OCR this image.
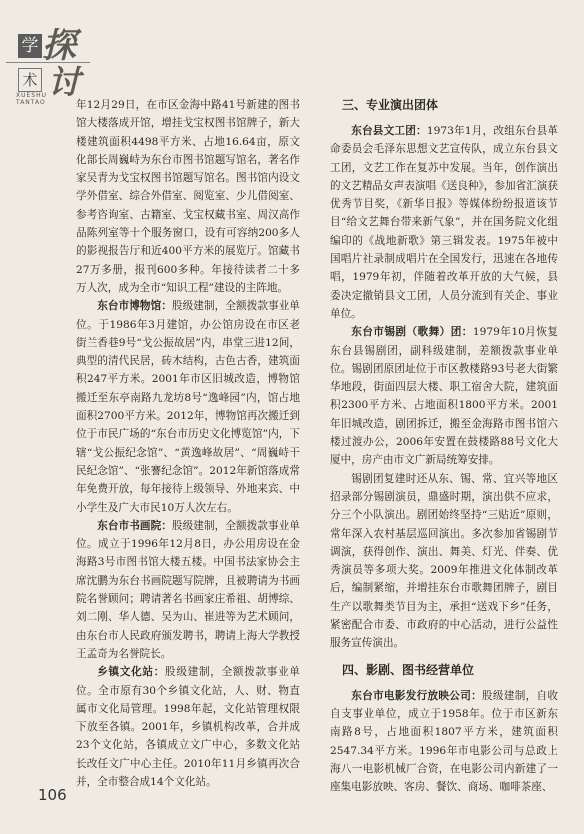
学
术
探
讨
XUESHU
TANTAO	年12月29日，在市区金海中路41号新建的图书馆大楼落成开馆，增挂戈宝权图书馆牌子，新大楼建筑面积4498平方米、占地16.64亩，原文化部长周巍峙为东台市图书馆题写馆名，著名作家吴青为戈宝权图书馆题写馆名。图书馆内设文学外借室、综合外借室、阅览室、少儿借阅室、参考咨询室、古籍室、戈宝权藏书室、周汉高作品陈列室等十个服务窗口，设有可容纳200多人的影视报告厅和近400平方米的展览厅。馆藏书27万多册，报刊600多种。年接待读者二十多万人次，成为全市“知识工程”建设的主阵地。

东台市博物馆：股级建制，全额拨款事业单位。于1986年3月建馆，办公馆房设在市区老街兰香巷9号“戈公振故居”内，串堂三进12间，典型的清代民居，砖木结构，古色古香，建筑面积247平方米。2001年市区旧城改造，博物馆搬迁至东亭南路九龙坊8号“逸峰园”内，馆占地面积2700平方米。2012年，博物馆再次搬迁到位于市民广场的“东台市历史文化博览馆”内，下辖“戈公振纪念馆”、“黄逸峰故居”、“周巍峙干民纪念馆”、“张謇纪念馆”。2012年新馆落成常年免费开放，每年接待上级领导、外地来宾、中小学生及广大市民10万人次左右。

东台市书画院：股级建制，全额拨款事业单位。成立于1996年12月8日，办公用房设在金海路3号市图书馆大楼五楼。中国书法家协会主席沈鹏为东台书画院题写院牌，且被聘请为书画院名誉顾问；聘请著名书画家庄希祖、胡博综、刘二刚、华人德、吴为山、崔进等为艺术顾问，由东台市人民政府颁发聘书，聘请上海大学教授王孟奇为名誉院长。

乡镇文化站：股级建制，全额拨款事业单位。全市原有30个乡镇文化站，人、财、物直属市文化局管理。1998年起，文化站管理权限下放至各镇。2001年，乡镇机构改革，合并成23个文化站，各镇成立文广中心，多数文化站长改任文广中心主任。2010年11月乡镇再次合并，全市整合成14个文化站。

三、专业演出团体

东台县文工团：1973年1月，改组东台县革命委员会毛泽东思想文艺宣传队，成立东台县文工团，文艺工作在复苏中发展。当年，创作演出的文艺精品女声表演唱《送良种》，参加省汇演获优秀节目奖，《新华日报》等媒体纷纷报道该节目“给文艺舞台带来新气象”，并在国务院文化组编印的《战地新歌》第三辑发表。1975年被中国唱片社录制成唱片在全国发行，迅速在各地传唱，1979年初，伴随着改革开放的大气候，县委决定撤销县文工团，人员分流到有关企、事业单位。

东台市锡剧（歌舞）团：1979年10月恢复东台县锡剧团，副科级建制，差额拨款事业单位。锡剧团原团址位于市区教楼路93号老大街繁华地段，街面四层大楼、职工宿舍大院，建筑面积2300平方米、占地面积1800平方米。2001年旧城改造，剧团拆迁，搬至金海路市图书馆六楼过渡办公，2006年安置在鼓楼路88号文化大厦中，房产由市文广新局统筹安排。

锡剧团复建时还从东、锡、常、宜兴等地区招录部分锡剧演员，鼎盛时期，演出供不应求，分三个小队演出。剧团始终坚持“三贴近”原则，常年深入农村基层巡回演出。多次参加省锡剧节调演，获得创作、演出、舞美、灯光、伴奏、优秀演员等多项大奖。2009年推进文化体制改革后，编制紧缩，并增挂东台市歌舞团牌子，剧目生产以歌舞类节目为主，承担“送戏下乡”任务，紧密配合市委、市政府的中心活动，进行公益性服务宣传演出。

四、影剧、图书经营单位

东台市电影发行放映公司：股级建制，自收自支事业单位，成立于1958年。位于市区新东南路8号，占地面积1807平方米，建筑面积2547.34平方米。1996年市电影公司与总政上海八一电影机械厂合资，在电影公司内新建了一座集电影放映、客房、餐饮、商场、咖啡茶座、

106
